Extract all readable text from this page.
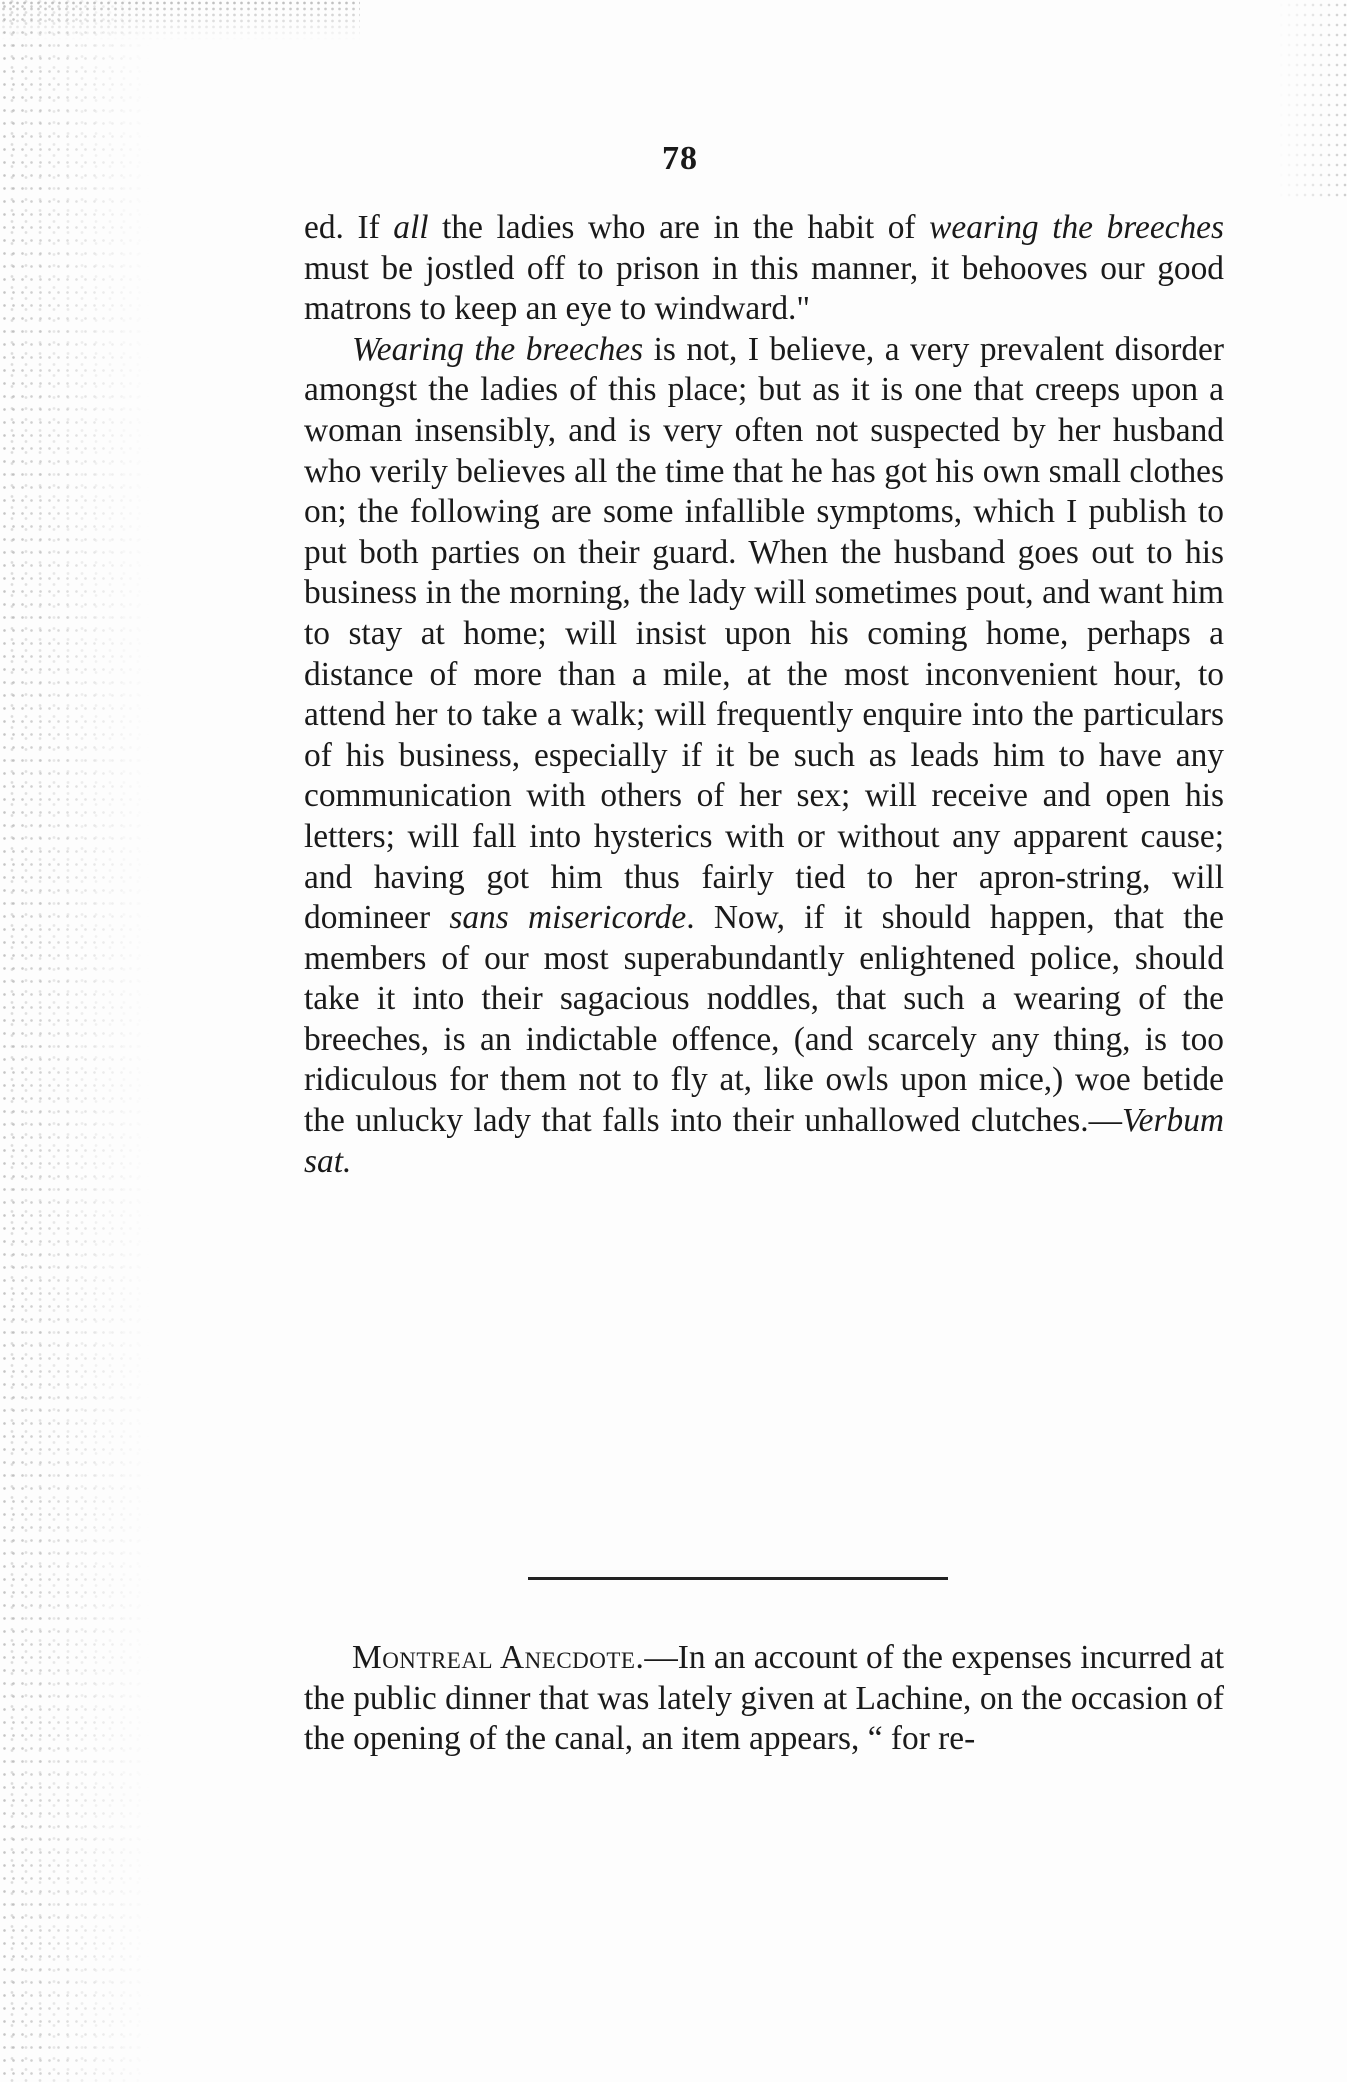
78

ed. If all the ladies who are in the habit of wearing the breeches must be jostled off to prison in this manner, it behooves our good matrons to keep an eye to windward."

Wearing the breeches is not, I believe, a very prevalent disorder amongst the ladies of this place; but as it is one that creeps upon a woman insensibly, and is very often not suspected by her husband who verily believes all the time that he has got his own small clothes on; the following are some infallible symptoms, which I publish to put both parties on their guard. When the husband goes out to his business in the morning, the lady will sometimes pout, and want him to stay at home; will insist upon his coming home, perhaps a distance of more than a mile, at the most inconvenient hour, to attend her to take a walk; will frequently enquire into the particulars of his business, especially if it be such as leads him to have any communication with others of her sex; will receive and open his letters; will fall into hysterics with or without any apparent cause; and having got him thus fairly tied to her apron-string, will domineer sans misericorde. Now, if it should happen, that the members of our most superabundantly enlightened police, should take it into their sagacious noddles, that such a wearing of the breeches, is an indictable offence, (and scarcely any thing, is too ridiculous for them not to fly at, like owls upon mice,) woe betide the unlucky lady that falls into their unhallowed clutches.—Verbum sat.

Montreal Anecdote.—In an account of the expenses incurred at the public dinner that was lately given at Lachine, on the occasion of the opening of the canal, an item appears, “ for re-
